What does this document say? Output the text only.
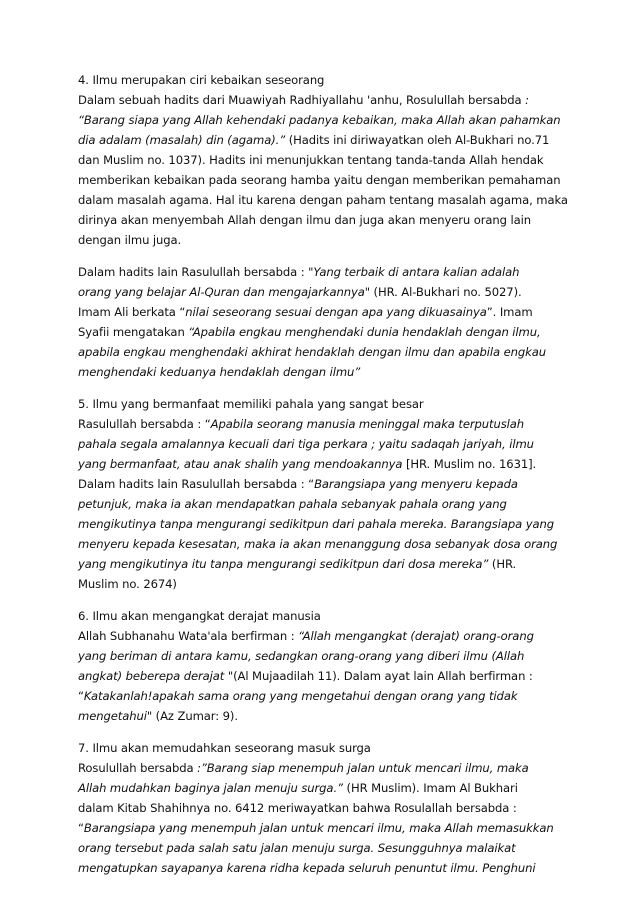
4. Ilmu merupakan ciri kebaikan seseorang
Dalam sebuah hadits dari Muawiyah Radhiyallahu 'anhu, Rosulullah bersabda :
“Barang siapa yang Allah kehendaki padanya kebaikan, maka Allah akan pahamkan
dia adalam (masalah) din (agama).” (Hadits ini diriwayatkan oleh Al-Bukhari no.71
dan Muslim no. 1037). Hadits ini menunjukkan tentang tanda-tanda Allah hendak
memberikan kebaikan pada seorang hamba yaitu dengan memberikan pemahaman
dalam masalah agama. Hal itu karena dengan paham tentang masalah agama, maka
dirinya akan menyembah Allah dengan ilmu dan juga akan menyeru orang lain
dengan ilmu juga.
Dalam hadits lain Rasulullah bersabda : "Yang terbaik di antara kalian adalah
orang yang belajar Al-Quran dan mengajarkannya" (HR. Al-Bukhari no. 5027).
Imam Ali berkata “nilai seseorang sesuai dengan apa yang dikuasainya”. Imam
Syafii mengatakan “Apabila engkau menghendaki dunia hendaklah dengan ilmu,
apabila engkau menghendaki akhirat hendaklah dengan ilmu dan apabila engkau
menghendaki keduanya hendaklah dengan ilmu”
5. Ilmu yang bermanfaat memiliki pahala yang sangat besar
Rasulullah bersabda : “Apabila seorang manusia meninggal maka terputuslah
pahala segala amalannya kecuali dari tiga perkara ; yaitu sadaqah jariyah, ilmu
yang bermanfaat, atau anak shalih yang mendoakannya [HR. Muslim no. 1631].
Dalam hadits lain Rasulullah bersabda : “Barangsiapa yang menyeru kepada
petunjuk, maka ia akan mendapatkan pahala sebanyak pahala orang yang
mengikutinya tanpa mengurangi sedikitpun dari pahala mereka. Barangsiapa yang
menyeru kepada kesesatan, maka ia akan menanggung dosa sebanyak dosa orang
yang mengikutinya itu tanpa mengurangi sedikitpun dari dosa mereka” (HR.
Muslim no. 2674)
6. Ilmu akan mengangkat derajat manusia
Allah Subhanahu Wata'ala berfirman : “Allah mengangkat (derajat) orang-orang
yang beriman di antara kamu, sedangkan orang-orang yang diberi ilmu (Allah
angkat) beberepa derajat "(Al Mujaadilah 11). Dalam ayat lain Allah berfirman :
“Katakanlah!apakah sama orang yang mengetahui dengan orang yang tidak
mengetahui" (Az Zumar: 9).
7. Ilmu akan memudahkan seseorang masuk surga
Rosulullah bersabda :”Barang siap menempuh jalan untuk mencari ilmu, maka
Allah mudahkan baginya jalan menuju surga.” (HR Muslim). Imam Al Bukhari
dalam Kitab Shahihnya no. 6412 meriwayatkan bahwa Rosulallah bersabda :
“Barangsiapa yang menempuh jalan untuk mencari ilmu, maka Allah memasukkan
orang tersebut pada salah satu jalan menuju surga. Sesungguhnya malaikat
mengatupkan sayapanya karena ridha kepada seluruh penuntut ilmu. Penghuni
